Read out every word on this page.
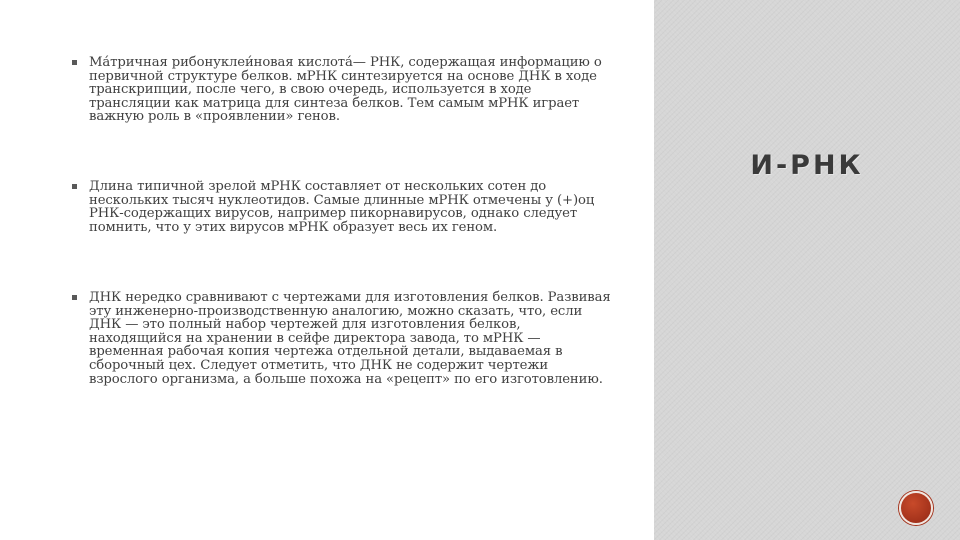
Ма́тричная рибонуклеи́новая кислота́— РНК, содержащая информацию о первичной структуре белков. мРНК синтезируется на основе ДНК в ходе транскрипции, после чего, в свою очередь, используется в ходе трансляции как матрица для синтеза белков. Тем самым мРНК играет важную роль в «проявлении» генов.
Длина типичной зрелой мРНК составляет от нескольких сотен до нескольких тысяч нуклеотидов. Самые длинные мРНК отмечены у (+)оц РНК-содержащих вирусов, например пикорнавирусов, однако следует помнить, что у этих вирусов мРНК образует весь их геном.
ДНК нередко сравнивают с чертежами для изготовления белков. Развивая эту инженерно-производственную аналогию, можно сказать, что, если ДНК — это полный набор чертежей для изготовления белков, находящийся на хранении в сейфе директора завода, то мРНК — временная рабочая копия чертежа отдельной детали, выдаваемая в сборочный цех. Следует отметить, что ДНК не содержит чертежи взрослого организма, а больше похожа на «рецепт» по его изготовлению.
И-РНК
